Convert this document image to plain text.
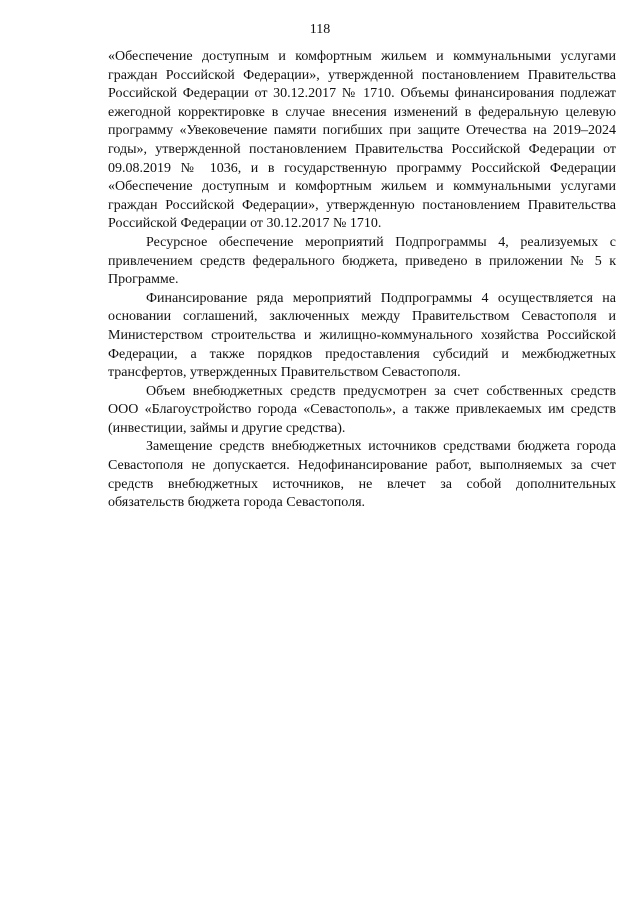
118

«Обеспечение доступным и комфортным жильем и коммунальными услугами граждан Российской Федерации», утвержденной постановлением Правительства Российской Федерации от 30.12.2017 № 1710. Объемы финансирования подлежат ежегодной корректировке в случае внесения изменений в федеральную целевую программу «Увековечение памяти погибших при защите Отечества на 2019–2024 годы», утвержденной постановлением Правительства Российской Федерации от 09.08.2019 № 1036, и в государственную программу Российской Федерации «Обеспечение доступным и комфортным жильем и коммунальными услугами граждан Российской Федерации», утвержденную постановлением Правительства Российской Федерации от 30.12.2017 № 1710.

Ресурсное обеспечение мероприятий Подпрограммы 4, реализуемых с привлечением средств федерального бюджета, приведено в приложении № 5 к Программе.

Финансирование ряда мероприятий Подпрограммы 4 осуществляется на основании соглашений, заключенных между Правительством Севастополя и Министерством строительства и жилищно-коммунального хозяйства Российской Федерации, а также порядков предоставления субсидий и межбюджетных трансфертов, утвержденных Правительством Севастополя.

Объем внебюджетных средств предусмотрен за счет собственных средств ООО «Благоустройство города «Севастополь», а также привлекаемых им средств (инвестиции, займы и другие средства).

Замещение средств внебюджетных источников средствами бюджета города Севастополя не допускается. Недофинансирование работ, выполняемых за счет средств внебюджетных источников, не влечет за собой дополнительных обязательств бюджета города Севастополя.
